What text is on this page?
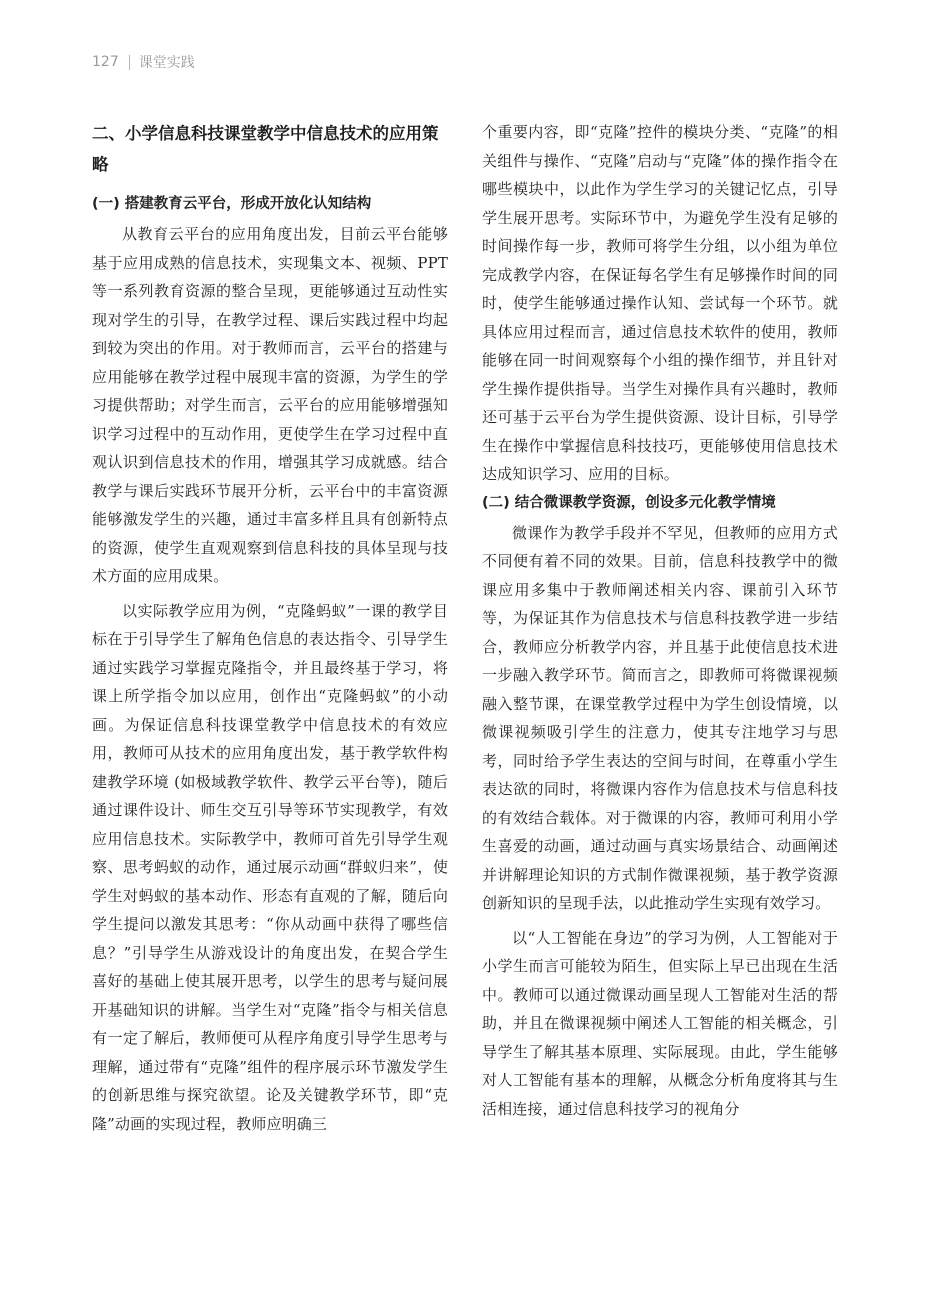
127 课堂实践
二、小学信息科技课堂教学中信息技术的应用策略
(一) 搭建教育云平台，形成开放化认知结构

从教育云平台的应用角度出发，目前云平台能够基于应用成熟的信息技术，实现集文本、视频、PPT 等一系列教育资源的整合呈现，更能够通过互动性实现对学生的引导，在教学过程、课后实践过程中均起到较为突出的作用。对于教师而言，云平台的搭建与应用能够在教学过程中展现丰富的资源，为学生的学习提供帮助；对学生而言，云平台的应用能够增强知识学习过程中的互动作用，更使学生在学习过程中直观认识到信息技术的作用，增强其学习成就感。结合教学与课后实践环节展开分析，云平台中的丰富资源能够激发学生的兴趣，通过丰富多样且具有创新特点的资源，使学生直观观察到信息科技的具体呈现与技术方面的应用成果。

以实际教学应用为例，“克隆蚂蚁”一课的教学目标在于引导学生了解角色信息的表达指令、引导学生通过实践学习掌握克隆指令，并且最终基于学习，将课上所学指令加以应用，创作出“克隆蚂蚁”的小动画。为保证信息科技课堂教学中信息技术的有效应用，教师可从技术的应用角度出发，基于教学软件构建教学环境 (如极域教学软件、教学云平台等)，随后通过课件设计、师生交互引导等环节实现教学，有效应用信息技术。实际教学中，教师可首先引导学生观察、思考蚂蚁的动作，通过展示动画“群蚁归来”，使学生对蚂蚁的基本动作、形态有直观的了解，随后向学生提问以激发其思考：“你从动画中获得了哪些信息？”引导学生从游戏设计的角度出发，在契合学生喜好的基础上使其展开思考，以学生的思考与疑问展开基础知识的讲解。当学生对“克隆”指令与相关信息有一定了解后，教师便可从程序角度引导学生思考与理解，通过带有“克隆”组件的程序展示环节激发学生的创新思维与探究欲望。论及关键教学环节，即“克隆”动画的实现过程，教师应明确三

个重要内容，即“克隆”控件的模块分类、“克隆”的相关组件与操作、“克隆”启动与“克隆”体的操作指令在哪些模块中，以此作为学生学习的关键记忆点，引导学生展开思考。实际环节中，为避免学生没有足够的时间操作每一步，教师可将学生分组，以小组为单位完成教学内容，在保证每名学生有足够操作时间的同时，使学生能够通过操作认知、尝试每一个环节。就具体应用过程而言，通过信息技术软件的使用，教师能够在同一时间观察每个小组的操作细节，并且针对学生操作提供指导。当学生对操作具有兴趣时，教师还可基于云平台为学生提供资源、设计目标，引导学生在操作中掌握信息科技技巧，更能够使用信息技术达成知识学习、应用的目标。

(二) 结合微课教学资源，创设多元化教学情境

微课作为教学手段并不罕见，但教师的应用方式不同便有着不同的效果。目前，信息科技教学中的微课应用多集中于教师阐述相关内容、课前引入环节等，为保证其作为信息技术与信息科技教学进一步结合，教师应分析教学内容，并且基于此使信息技术进一步融入教学环节。简而言之，即教师可将微课视频融入整节课，在课堂教学过程中为学生创设情境，以微课视频吸引学生的注意力，使其专注地学习与思考，同时给予学生表达的空间与时间，在尊重小学生表达欲的同时，将微课内容作为信息技术与信息科技的有效结合载体。对于微课的内容，教师可利用小学生喜爱的动画，通过动画与真实场景结合、动画阐述并讲解理论知识的方式制作微课视频，基于教学资源创新知识的呈现手法，以此推动学生实现有效学习。

以“人工智能在身边”的学习为例，人工智能对于小学生而言可能较为陌生，但实际上早已出现在生活中。教师可以通过微课动画呈现人工智能对生活的帮助，并且在微课视频中阐述人工智能的相关概念，引导学生了解其基本原理、实际展现。由此，学生能够对人工智能有基本的理解，从概念分析角度将其与生活相连接，通过信息科技学习的视角分
